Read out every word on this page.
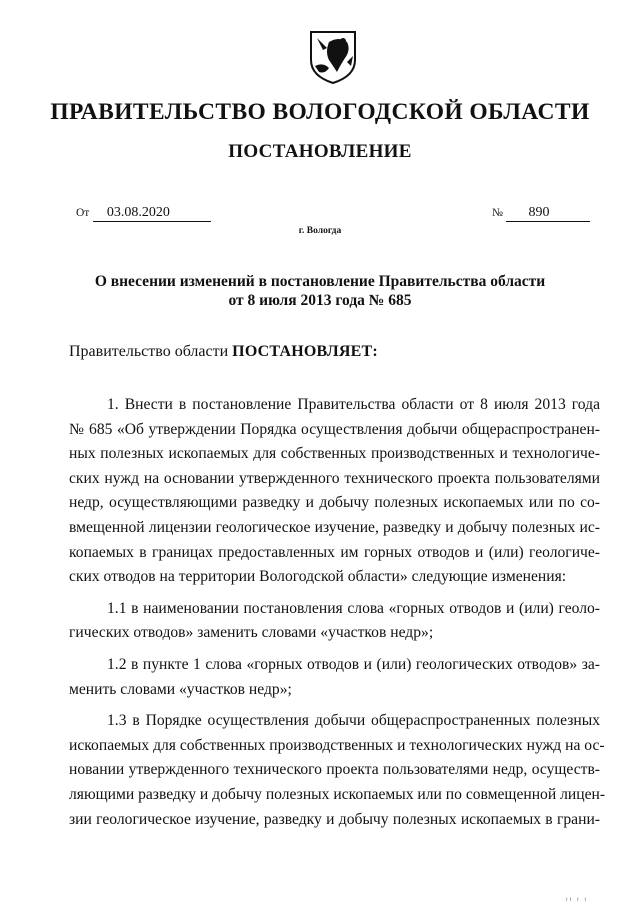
ПРАВИТЕЛЬСТВО ВОЛОГОДСКОЙ ОБЛАСТИ
ПОСТАНОВЛЕНИЕ
От 03.08.2020	№ 890
г. Вологда
О внесении изменений в постановление Правительства области
от 8 июля 2013 года № 685
Правительство области ПОСТАНОВЛЯЕТ:
1. Внести в постановление Правительства области от 8 июля 2013 года
№ 685 «Об утверждении Порядка осуществления добычи общераспространен-
ных полезных ископаемых для собственных производственных и технологиче-
ских нужд на основании утвержденного технического проекта пользователями
недр, осуществляющими разведку и добычу полезных ископаемых или по со-
вмещенной лицензии геологическое изучение, разведку и добычу полезных ис-
копаемых в границах предоставленных им горных отводов и (или) геологиче-
ских отводов на территории Вологодской области» следующие изменения:
1.1 в наименовании постановления слова «горных отводов и (или) геоло-
гических отводов» заменить словами «участков недр»;
1.2 в пункте 1 слова «горных отводов и (или) геологических отводов» за-
менить словами «участков недр»;
1.3 в Порядке осуществления добычи общераспространенных полезных
ископаемых для собственных производственных и технологических нужд на ос-
новании утвержденного технического проекта пользователями недр, осуществ-
ляющими разведку и добычу полезных ископаемых или по совмещенной лицен-
зии геологическое изучение, разведку и добычу полезных ископаемых в грани-
ıı ı ı
